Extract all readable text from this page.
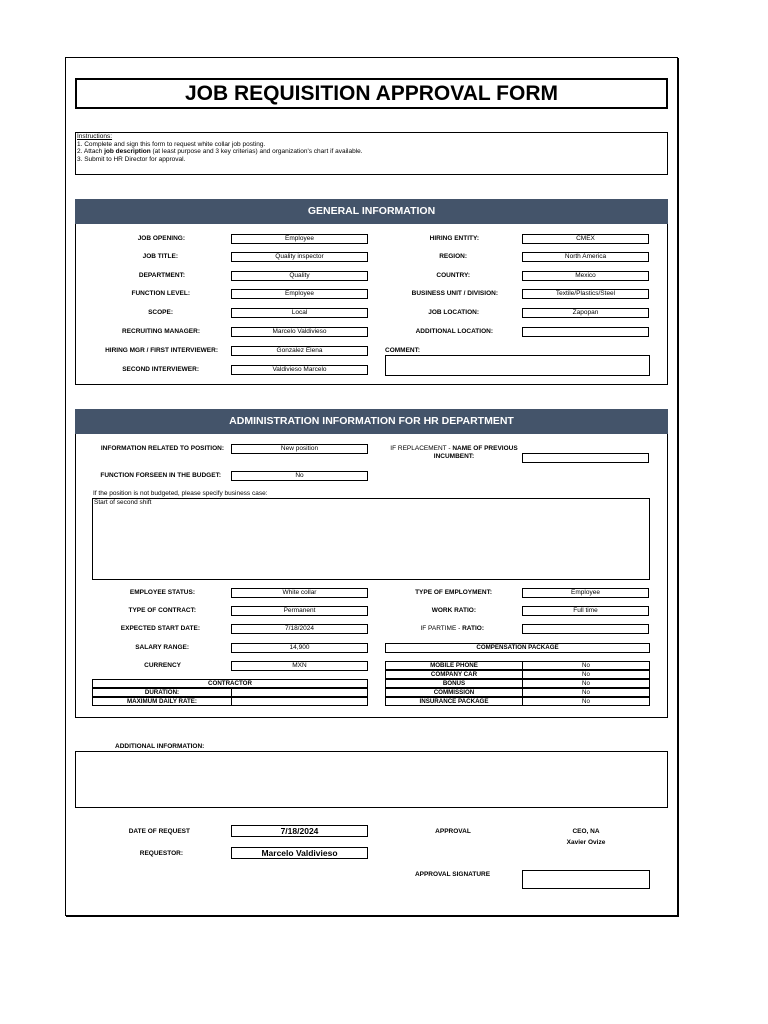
JOB REQUISITION APPROVAL FORM
Instructions:
1. Complete and sign this form to request white collar job posting.
2. Attach job description (at least purpose and 3 key criterias) and organization's chart if available.
3. Submit to HR Director for approval.
GENERAL INFORMATION
JOB OPENING:	Employee
JOB TITLE:	Quality inspector
DEPARTMENT:	Quality
FUNCTION LEVEL:	Employee
SCOPE:	Local
RECRUITING MANAGER:	Marcelo Valdivieso
HIRING MGR / FIRST INTERVIEWER:	Gonzalez Elena
SECOND INTERVIEWER:	Valdivieso Marcelo
HIRING ENTITY:	CMEX
REGION:	North America
COUNTRY:	Mexico
BUSINESS UNIT / DIVISION:	Textile/Plastics/Steel
JOB LOCATION:	Zapopan
ADDITIONAL LOCATION:
COMMENT:
ADMINISTRATION INFORMATION FOR HR DEPARTMENT
INFORMATION RELATED TO POSITION:	New position	IF REPLACEMENT - NAME OF PREVIOUS
INCUMBENT:
FUNCTION FORSEEN IN THE BUDGET:	No
If the position is not budgeted, please specify business case:
Start of second shift
EMPLOYEE STATUS:	White collar
TYPE OF CONTRACT:	Permanent
EXPECTED START DATE:	7/18/2024
SALARY RANGE:	14,900
CURRENCY	MXN
TYPE OF EMPLOYMENT:	Employee
WORK RATIO:	Full time
IF PARTIME - RATIO:
CONTRACTOR
DURATION:
MAXIMUM DAILY RATE:
COMPENSATION PACKAGE
MOBILE PHONE	No
COMPANY CAR	No
BONUS	No
COMMISSION	No
INSURANCE PACKAGE	No
ADDITIONAL INFORMATION:
DATE OF REQUEST	7/18/2024
REQUESTOR:	Marcelo Valdivieso
APPROVAL	CEO, NA
Xavier Ovize
APPROVAL SIGNATURE
